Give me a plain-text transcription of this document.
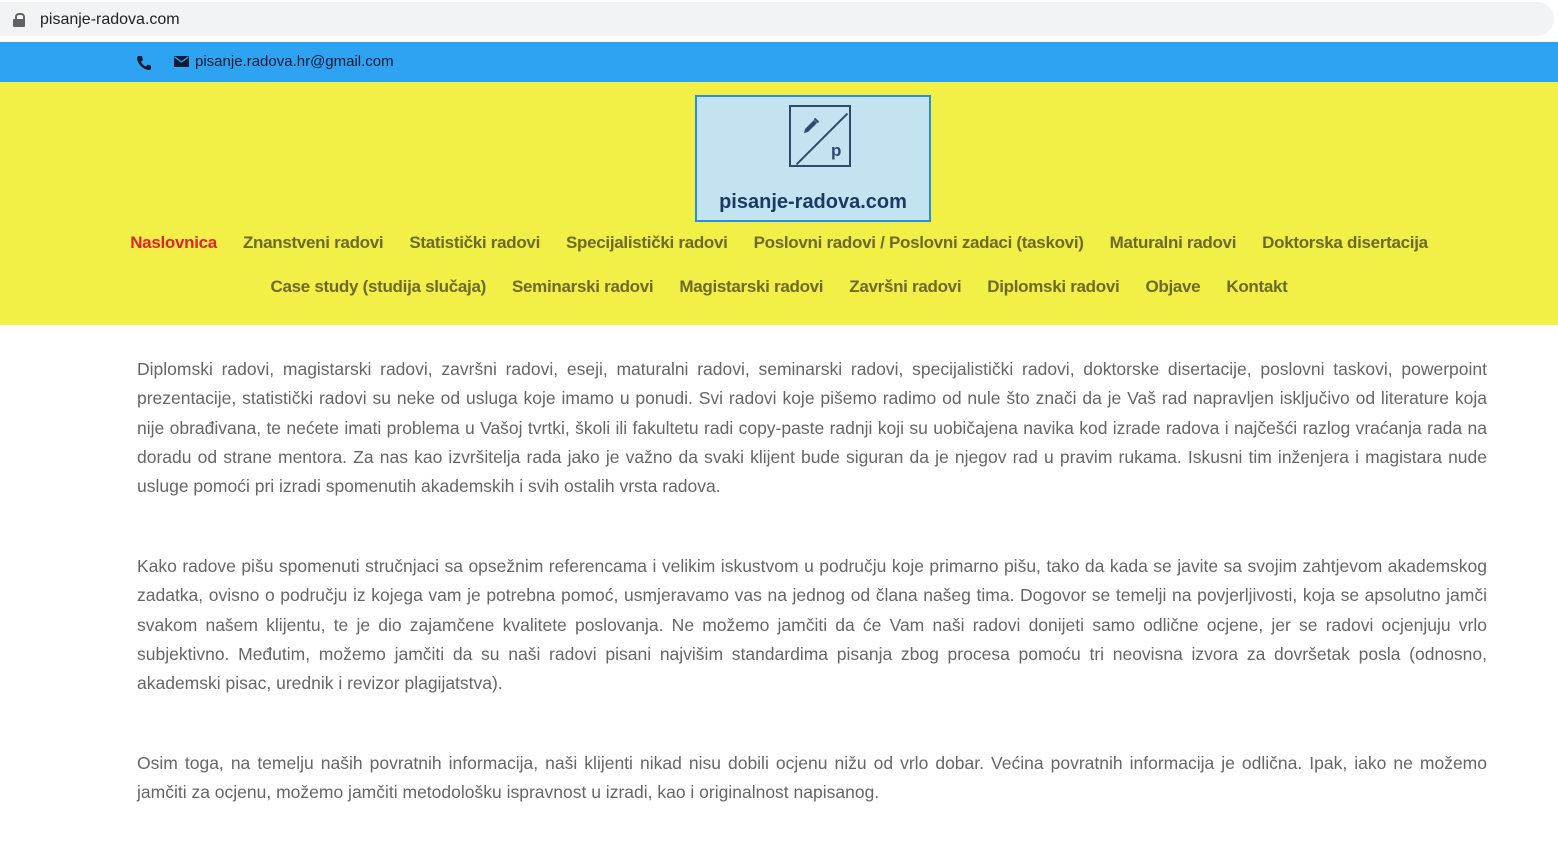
pisanje-radova.com
pisanje.radova.hr@gmail.com
p
pisanje-radova.com
Naslovnica Znanstveni radovi Statistički radovi Specijalistički radovi Poslovni radovi / Poslovni zadaci (taskovi) Maturalni radovi Doktorska disertacija
Case study (studija slučaja) Seminarski radovi Magistarski radovi Završni radovi Diplomski radovi Objave Kontakt

Diplomski radovi, magistarski radovi, završni radovi, eseji, maturalni radovi, seminarski radovi, specijalistički radovi, doktorske disertacije, poslovni taskovi, powerpoint prezentacije, statistički radovi su neke od usluga koje imamo u ponudi. Svi radovi koje pišemo radimo od nule što znači da je Vaš rad napravljen isključivo od literature koja nije obrađivana, te nećete imati problema u Vašoj tvrtki, školi ili fakultetu radi copy-paste radnji koji su uobičajena navika kod izrade radova i najčešći razlog vraćanja rada na doradu od strane mentora. Za nas kao izvršitelja rada jako je važno da svaki klijent bude siguran da je njegov rad u pravim rukama. Iskusni tim inženjera i magistara nude usluge pomoći pri izradi spomenutih akademskih i svih ostalih vrsta radova.

Kako radove pišu spomenuti stručnjaci sa opsežnim referencama i velikim iskustvom u području koje primarno pišu, tako da kada se javite sa svojim zahtjevom akademskog zadatka, ovisno o području iz kojega vam je potrebna pomoć, usmjeravamo vas na jednog od člana našeg tima. Dogovor se temelji na povjerljivosti, koja se apsolutno jamči svakom našem klijentu, te je dio zajamčene kvalitete poslovanja. Ne možemo jamčiti da će Vam naši radovi donijeti samo odlične ocjene, jer se radovi ocjenjuju vrlo subjektivno. Međutim, možemo jamčiti da su naši radovi pisani najvišim standardima pisanja zbog procesa pomoću tri neovisna izvora za dovršetak posla (odnosno, akademski pisac, urednik i revizor plagijatstva).

Osim toga, na temelju naših povratnih informacija, naši klijenti nikad nisu dobili ocjenu nižu od vrlo dobar. Većina povratnih informacija je odlična. Ipak, iako ne možemo jamčiti za ocjenu, možemo jamčiti metodološku ispravnost u izradi, kao i originalnost napisanog.
